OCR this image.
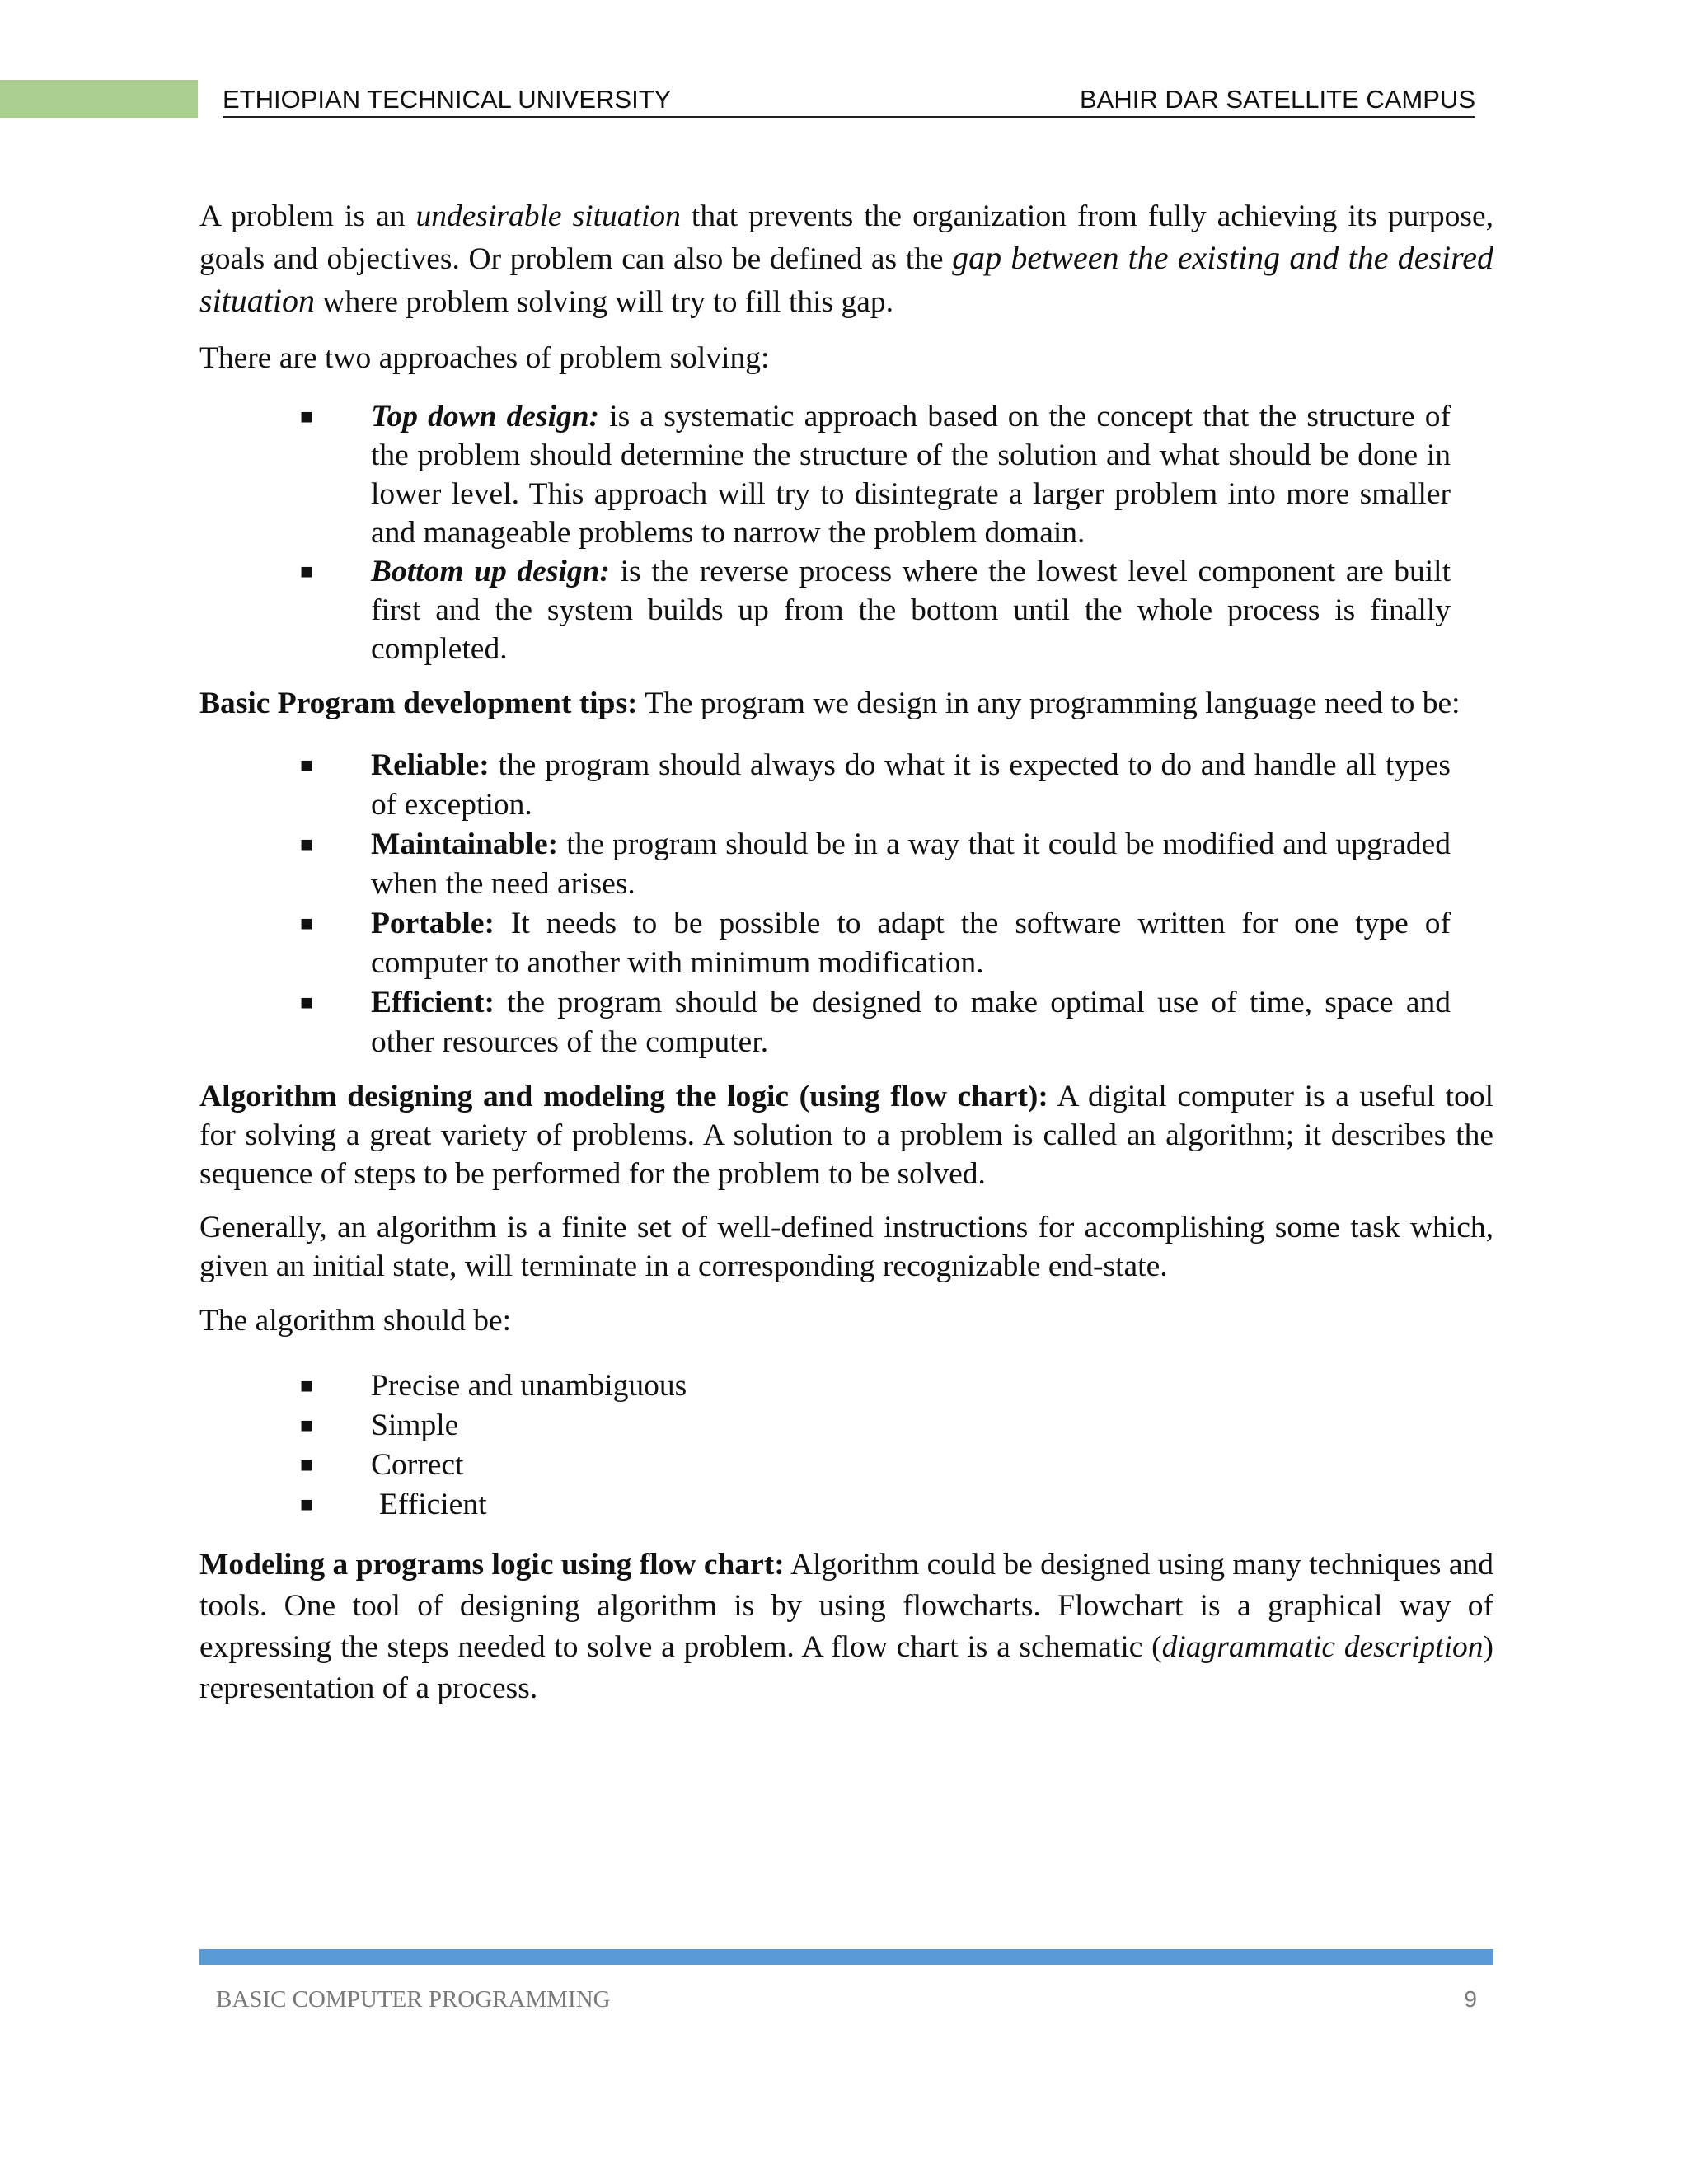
ETHIOPIAN TECHNICAL UNIVERSITY	BAHIR DAR SATELLITE CAMPUS

A problem is an undesirable situation that prevents the organization from fully achieving its purpose, goals and objectives. Or problem can also be defined as the gap between the existing and the desired situation where problem solving will try to fill this gap.

There are two approaches of problem solving:

■ Top down design: is a systematic approach based on the concept that the structure of the problem should determine the structure of the solution and what should be done in lower level. This approach will try to disintegrate a larger problem into more smaller and manageable problems to narrow the problem domain.
■ Bottom up design: is the reverse process where the lowest level component are built first and the system builds up from the bottom until the whole process is finally completed.

Basic Program development tips: The program we design in any programming language need to be:

■ Reliable: the program should always do what it is expected to do and handle all types of exception.
■ Maintainable: the program should be in a way that it could be modified and upgraded when the need arises.
■ Portable: It needs to be possible to adapt the software written for one type of computer to another with minimum modification.
■ Efficient: the program should be designed to make optimal use of time, space and other resources of the computer.

Algorithm designing and modeling the logic (using flow chart): A digital computer is a useful tool for solving a great variety of problems. A solution to a problem is called an algorithm; it describes the sequence of steps to be performed for the problem to be solved.

Generally, an algorithm is a finite set of well-defined instructions for accomplishing some task which, given an initial state, will terminate in a corresponding recognizable end-state.

The algorithm should be:

■ Precise and unambiguous
■ Simple
■ Correct
■ Efficient

Modeling a programs logic using flow chart: Algorithm could be designed using many techniques and tools. One tool of designing algorithm is by using flowcharts. Flowchart is a graphical way of expressing the steps needed to solve a problem. A flow chart is a schematic (diagrammatic description) representation of a process.

BASIC COMPUTER PROGRAMMING	9
